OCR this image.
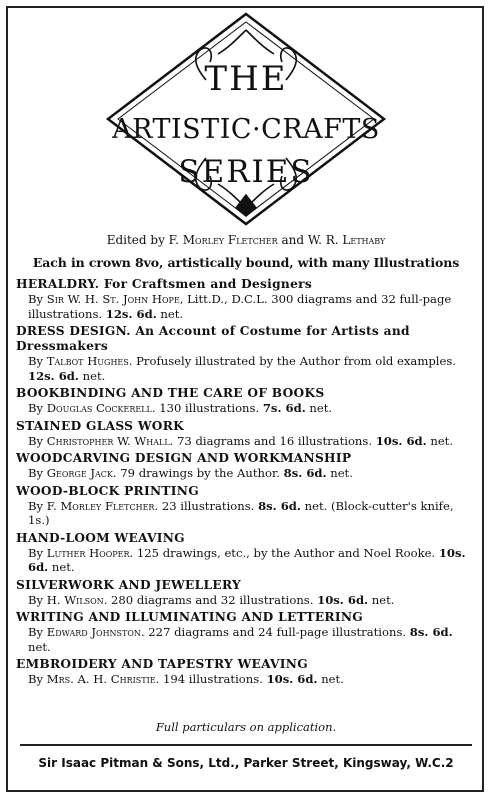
THE
ARTISTIC·CRAFTS
SERIES
Edited by F. Morley Fletcher and W. R. Lethaby
Each in crown 8vo, artistically bound, with many Illustrations
HERALDRY. For Craftsmen and Designers
By Sir W. H. St. John Hope, Litt.D., D.C.L. 300 diagrams and 32 full-page illustrations. 12s. 6d. net.
DRESS DESIGN. An Account of Costume for Artists and Dressmakers
By Talbot Hughes. Profusely illustrated by the Author from old examples. 12s. 6d. net.
BOOKBINDING AND THE CARE OF BOOKS
By Douglas Cockerell. 130 illustrations. 7s. 6d. net.
STAINED GLASS WORK
By Christopher W. Whall. 73 diagrams and 16 illustrations. 10s. 6d. net.
WOODCARVING DESIGN AND WORKMANSHIP
By George Jack. 79 drawings by the Author. 8s. 6d. net.
WOOD-BLOCK PRINTING
By F. Morley Fletcher. 23 illustrations. 8s. 6d. net. (Block-cutter's knife, 1s.)
HAND-LOOM WEAVING
By Luther Hooper. 125 drawings, etc., by the Author and Noel Rooke. 10s. 6d. net.
SILVERWORK AND JEWELLERY
By H. Wilson. 280 diagrams and 32 illustrations. 10s. 6d. net.
WRITING AND ILLUMINATING AND LETTERING
By Edward Johnston. 227 diagrams and 24 full-page illustrations. 8s. 6d. net.
EMBROIDERY AND TAPESTRY WEAVING
By Mrs. A. H. Christie. 194 illustrations. 10s. 6d. net.
Full particulars on application.
Sir Isaac Pitman & Sons, Ltd., Parker Street, Kingsway, W.C.2
